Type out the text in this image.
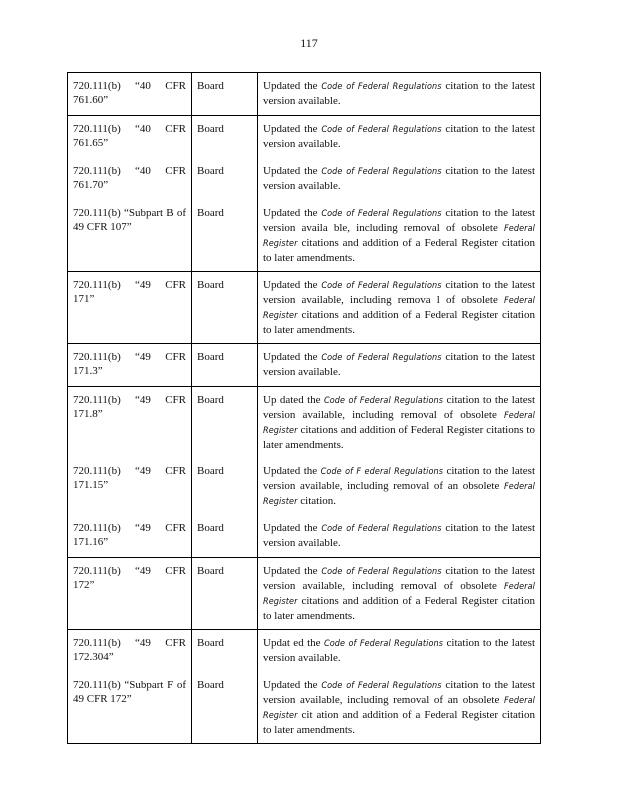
117
720.111(b) “40 CFR 761.60”	Board	Updated the Code of Federal Regulations citation to the latest version available.

720.111(b) “40 CFR 761.65”	Board	Updated the Code of Federal Regulations citation to the latest version available.

720.111(b) “40 CFR 761.70”	Board	Updated the Code of Federal Regulations citation to the latest version available.

720.111(b) “Subpart B of 49 CFR 107”	Board	Updated the Code of Federal Regulations citation to the latest version availa ble, including removal of obsolete Federal Register citations and addition of a Federal Register citation to later amendments.

720.111(b) “49 CFR 171”	Board	Updated the Code of Federal Regulations citation to the latest version available, including remova l of obsolete Federal Register citations and addition of a Federal Register citation to later amendments.

720.111(b) “49 CFR 171.3”	Board	Updated the Code of Federal Regulations citation to the latest version available.

720.111(b) “49 CFR 171.8”	Board	Up dated the Code of Federal Regulations citation to the latest version available, including removal of obsolete Federal Register citations and addition of Federal Register citations to later amendments.

720.111(b) “49 CFR 171.15”	Board	Updated the Code of F ederal Regulations citation to the latest version available, including removal of an obsolete Federal Register citation.

720.111(b) “49 CFR 171.16”	Board	Updated the Code of Federal Regulations citation to the latest version available.

720.111(b) “49 CFR 172”	Board	Updated the Code of Federal Regulations citation to the latest version available, including removal of obsolete Federal Register citations and addition of a Federal Register citation to later amendments.

720.111(b) “49 CFR 172.304”	Board	Updat ed the Code of Federal Regulations citation to the latest version available.

720.111(b) “Subpart F of 49 CFR 172”	Board	Updated the Code of Federal Regulations citation to the latest version available, including removal of an obsolete Federal Register cit ation and addition of a Federal Register citation to later amendments.
